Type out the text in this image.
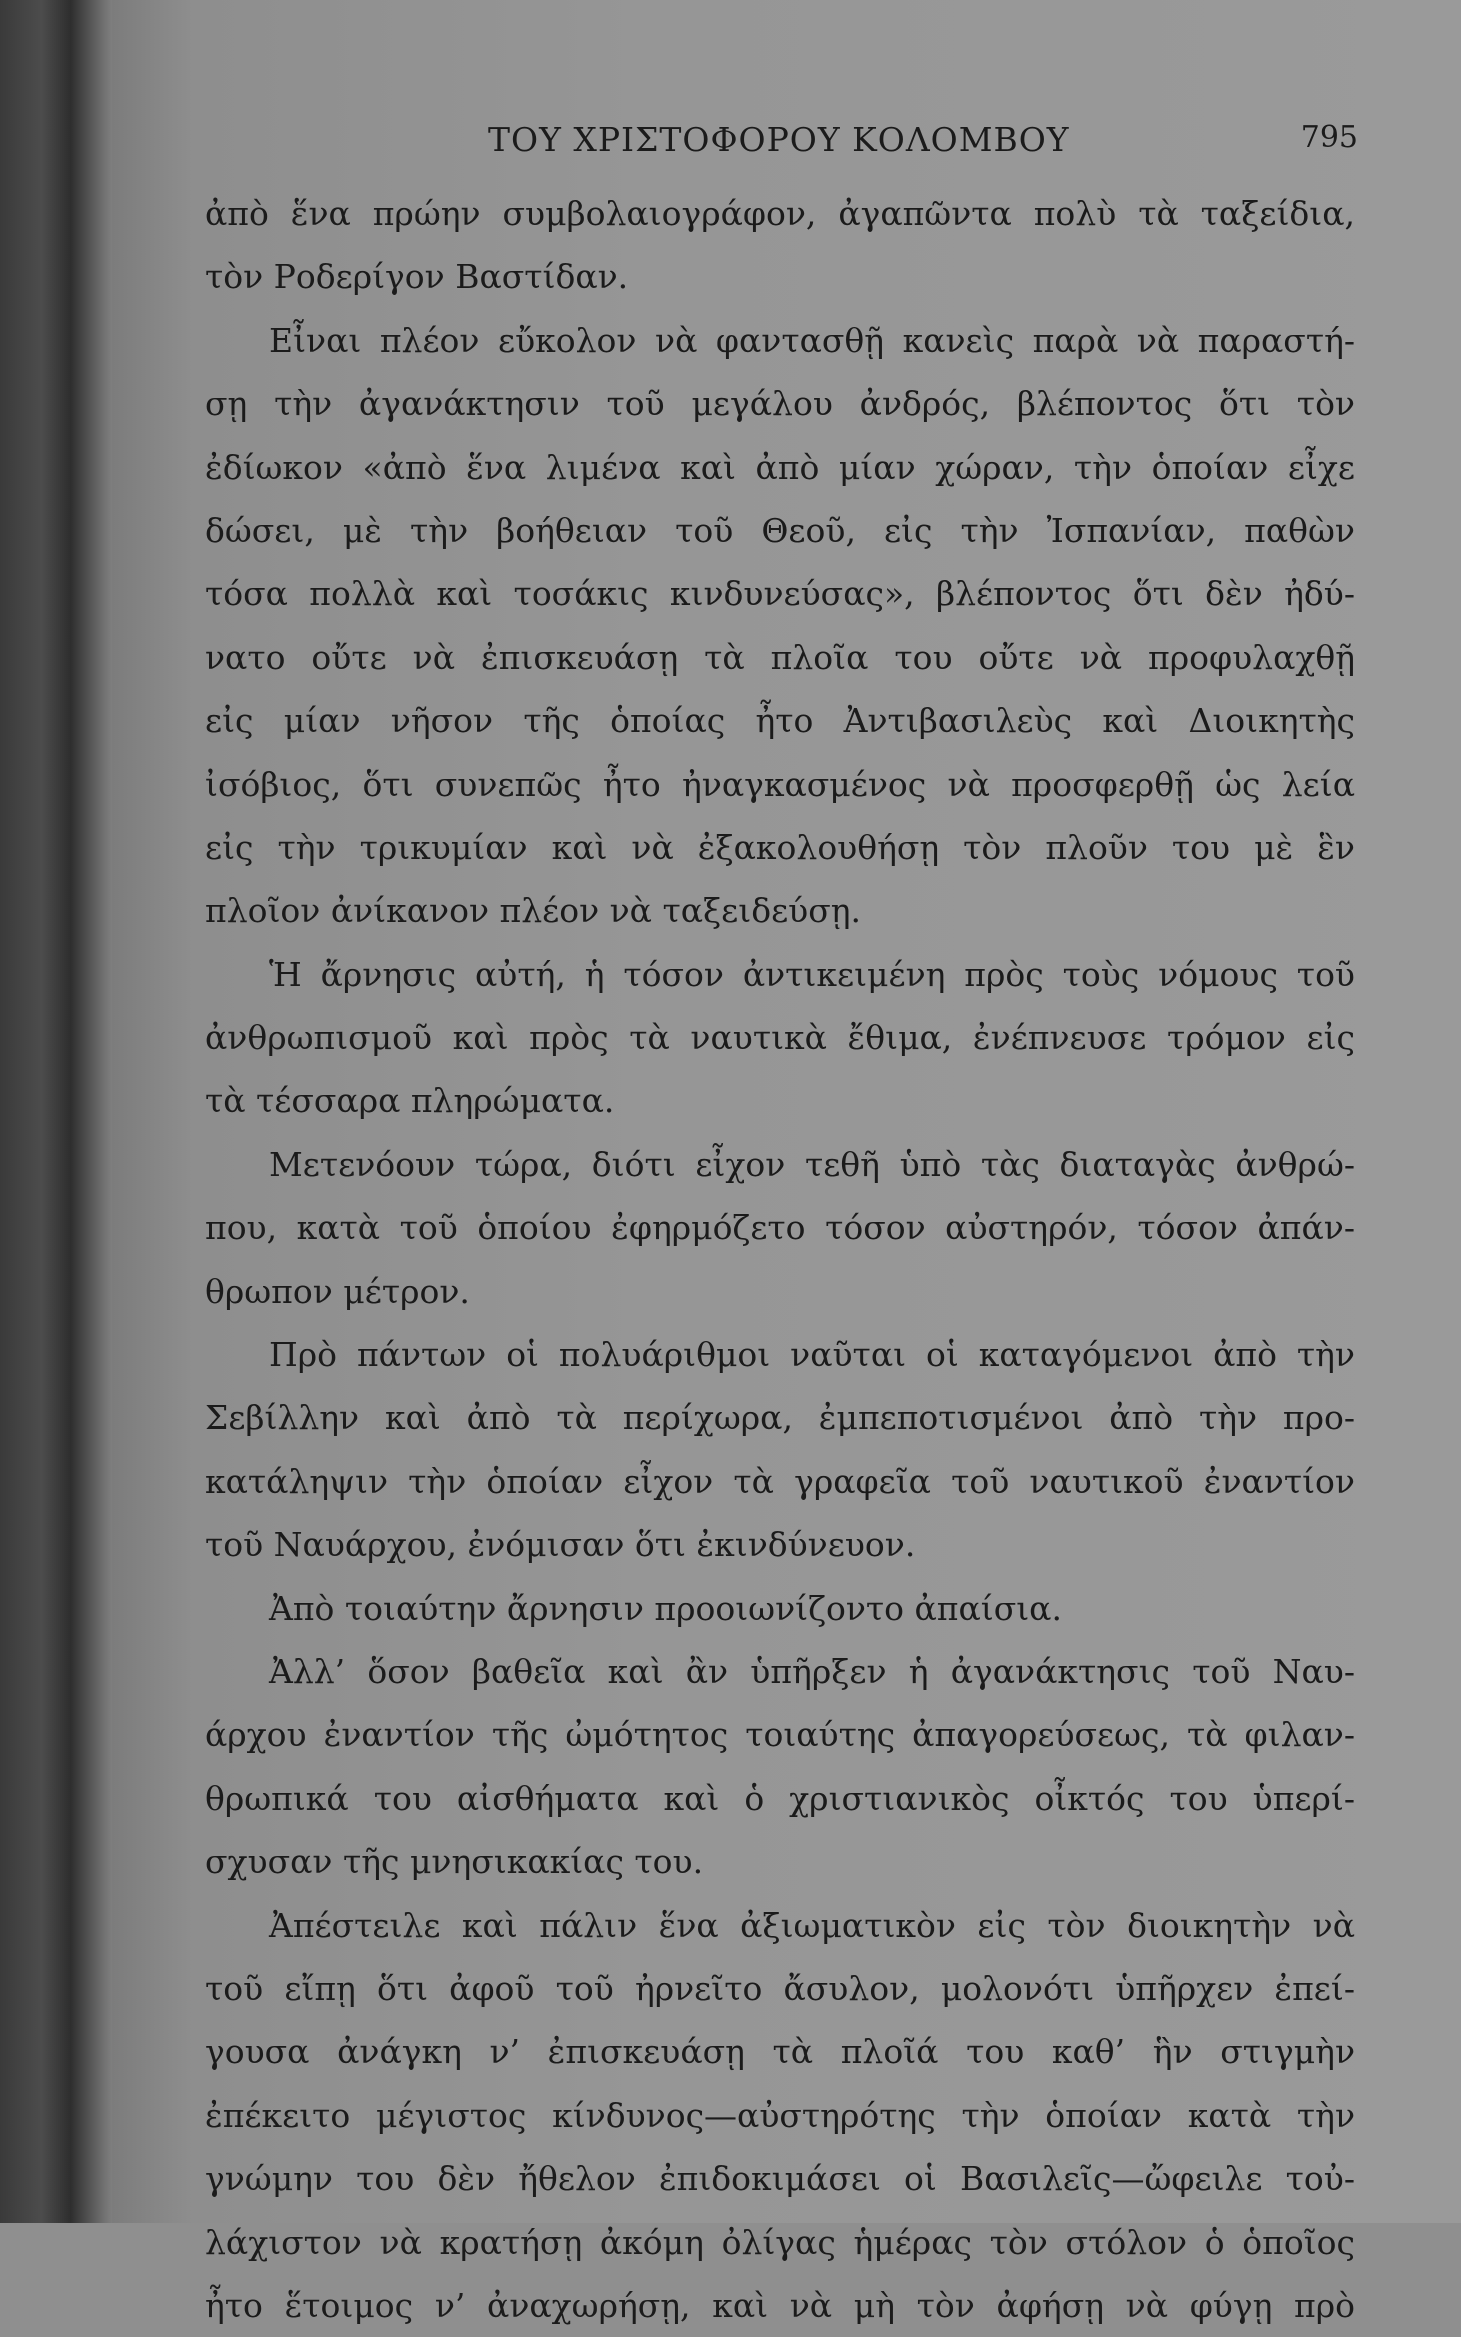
ΤΟΥ ΧΡΙΣΤΟΦΟΡΟΥ ΚΟΛΟΜΒΟΥ	795
ἀπὸ ἕνα πρώην συμβολαιογράφον, ἀγαπῶντα πολὺ τὰ ταξείδια,
τὸν Ροδερίγον Βαστίδαν.
Εἶναι πλέον εὔκολον νὰ φαντασθῇ κανεὶς παρὰ νὰ παραστή-
σῃ τὴν ἀγανάκτησιν τοῦ μεγάλου ἀνδρός, βλέποντος ὅτι τὸν
ἐδίωκον «ἀπὸ ἕνα λιμένα καὶ ἀπὸ μίαν χώραν, τὴν ὁποίαν εἶχε
δώσει, μὲ τὴν βοήθειαν τοῦ Θεοῦ, εἰς τὴν Ἰσπανίαν, παθὼν
τόσα πολλὰ καὶ τοσάκις κινδυνεύσας», βλέποντος ὅτι δὲν ἠδύ-
νατο οὔτε νὰ ἐπισκευάσῃ τὰ πλοῖα του οὔτε νὰ προφυλαχθῇ
εἰς μίαν νῆσον τῆς ὁποίας ἦτο Ἀντιβασιλεὺς καὶ Διοικητὴς
ἰσόβιος, ὅτι συνεπῶς ἦτο ἠναγκασμένος νὰ προσφερθῇ ὡς λεία
εἰς τὴν τρικυμίαν καὶ νὰ ἐξακολουθήσῃ τὸν πλοῦν του μὲ ἓν
πλοῖον ἀνίκανον πλέον νὰ ταξειδεύσῃ.
Ἡ ἄρνησις αὐτή, ἡ τόσον ἀντικειμένη πρὸς τοὺς νόμους τοῦ
ἀνθρωπισμοῦ καὶ πρὸς τὰ ναυτικὰ ἔθιμα, ἐνέπνευσε τρόμον εἰς
τὰ τέσσαρα πληρώματα.
Μετενόουν τώρα, διότι εἶχον τεθῆ ὑπὸ τὰς διαταγὰς ἀνθρώ-
που, κατὰ τοῦ ὁποίου ἐφηρμόζετο τόσον αὐστηρόν, τόσον ἀπάν-
θρωπον μέτρον.
Πρὸ πάντων οἱ πολυάριθμοι ναῦται οἱ καταγόμενοι ἀπὸ τὴν
Σεβίλλην καὶ ἀπὸ τὰ περίχωρα, ἐμπεποτισμένοι ἀπὸ τὴν προ-
κατάληψιν τὴν ὁποίαν εἶχον τὰ γραφεῖα τοῦ ναυτικοῦ ἐναντίον
τοῦ Ναυάρχου, ἐνόμισαν ὅτι ἐκινδύνευον.
Ἀπὸ τοιαύτην ἄρνησιν προοιωνίζοντο ἀπαίσια.
Ἀλλ’ ὅσον βαθεῖα καὶ ἂν ὑπῆρξεν ἡ ἀγανάκτησις τοῦ Ναυ-
άρχου ἐναντίον τῆς ὠμότητος τοιαύτης ἀπαγορεύσεως, τὰ φιλαν-
θρωπικά του αἰσθήματα καὶ ὁ χριστιανικὸς οἶκτός του ὑπερί-
σχυσαν τῆς μνησικακίας του.
Ἀπέστειλε καὶ πάλιν ἕνα ἀξιωματικὸν εἰς τὸν διοικητὴν νὰ
τοῦ εἴπῃ ὅτι ἀφοῦ τοῦ ἠρνεῖτο ἄσυλον, μολονότι ὑπῆρχεν ἐπεί-
γουσα ἀνάγκη ν’ ἐπισκευάσῃ τὰ πλοῖά του καθ’ ἣν στιγμὴν
ἐπέκειτο μέγιστος κίνδυνος—αὐστηρότης τὴν ὁποίαν κατὰ τὴν
γνώμην του δὲν ἤθελον ἐπιδοκιμάσει οἱ Βασιλεῖς—ὤφειλε τοὐ-
λάχιστον νὰ κρατήσῃ ἀκόμη ὀλίγας ἡμέρας τὸν στόλον ὁ ὁποῖος
ἦτο ἕτοιμος ν’ ἀναχωρήσῃ, καὶ νὰ μὴ τὸν ἀφήσῃ νὰ φύγῃ πρὸ
